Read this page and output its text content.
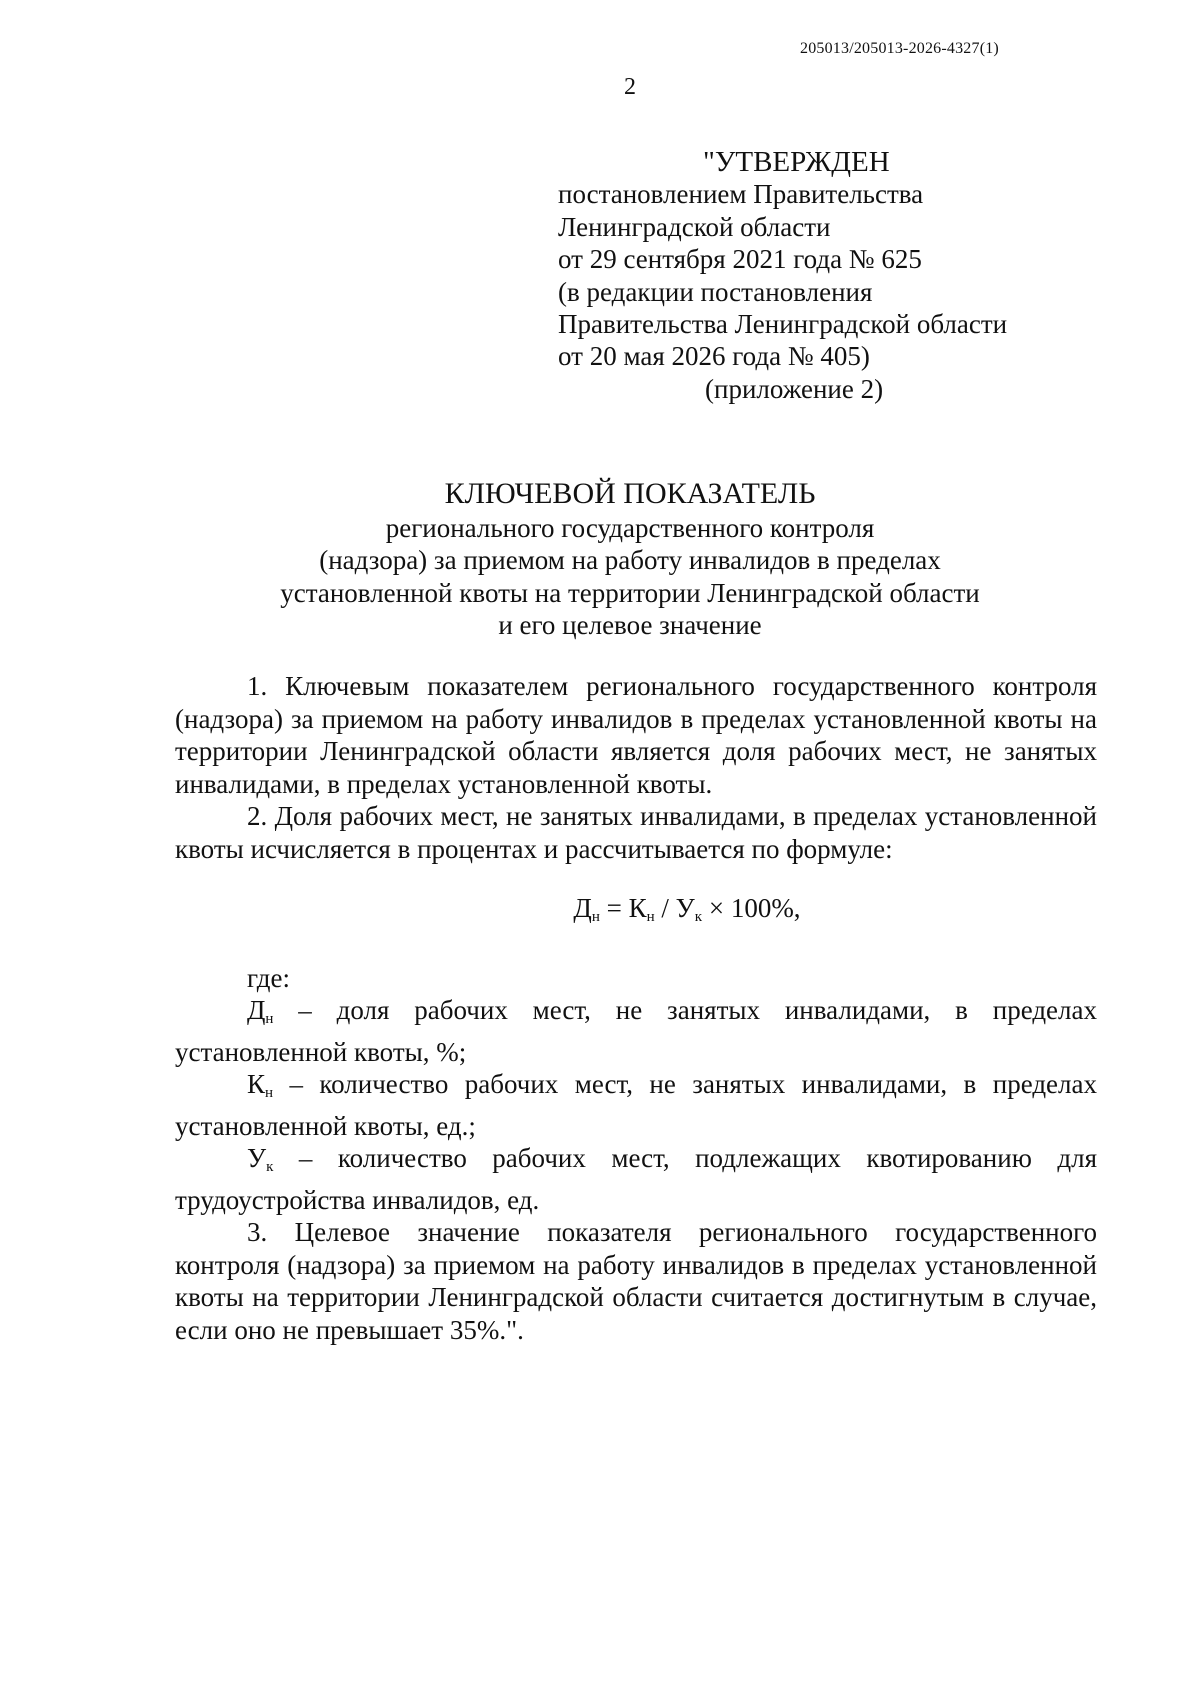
205013/205013-2026-4327(1)
2
"УТВЕРЖДЕН
постановлением Правительства
Ленинградской области
от 29 сентября 2021 года № 625
(в редакции постановления
Правительства Ленинградской области
от 20 мая 2026 года № 405)
(приложение 2)
КЛЮЧЕВОЙ ПОКАЗАТЕЛЬ
регионального государственного контроля
(надзора) за приемом на работу инвалидов в пределах
установленной квоты на территории Ленинградской области
и его целевое значение

1. Ключевым показателем регионального государственного контроля (надзора) за приемом на работу инвалидов в пределах установленной квоты на территории Ленинградской области является доля рабочих мест, не занятых инвалидами, в пределах установленной квоты.

2. Доля рабочих мест, не занятых инвалидами, в пределах установленной квоты исчисляется в процентах и рассчитывается по формуле:

$Д_н = К_н / У_к \times 100\%$,

где:

$Д_н$ – доля рабочих мест, не занятых инвалидами, в пределах установленной квоты, %;

$К_н$ – количество рабочих мест, не занятых инвалидами, в пределах установленной квоты, ед.;

$У_к$ – количество рабочих мест, подлежащих квотированию для трудоустройства инвалидов, ед.

3. Целевое значение показателя регионального государственного контроля (надзора) за приемом на работу инвалидов в пределах установленной квоты на территории Ленинградской области считается достигнутым в случае, если оно не превышает 35%.".
